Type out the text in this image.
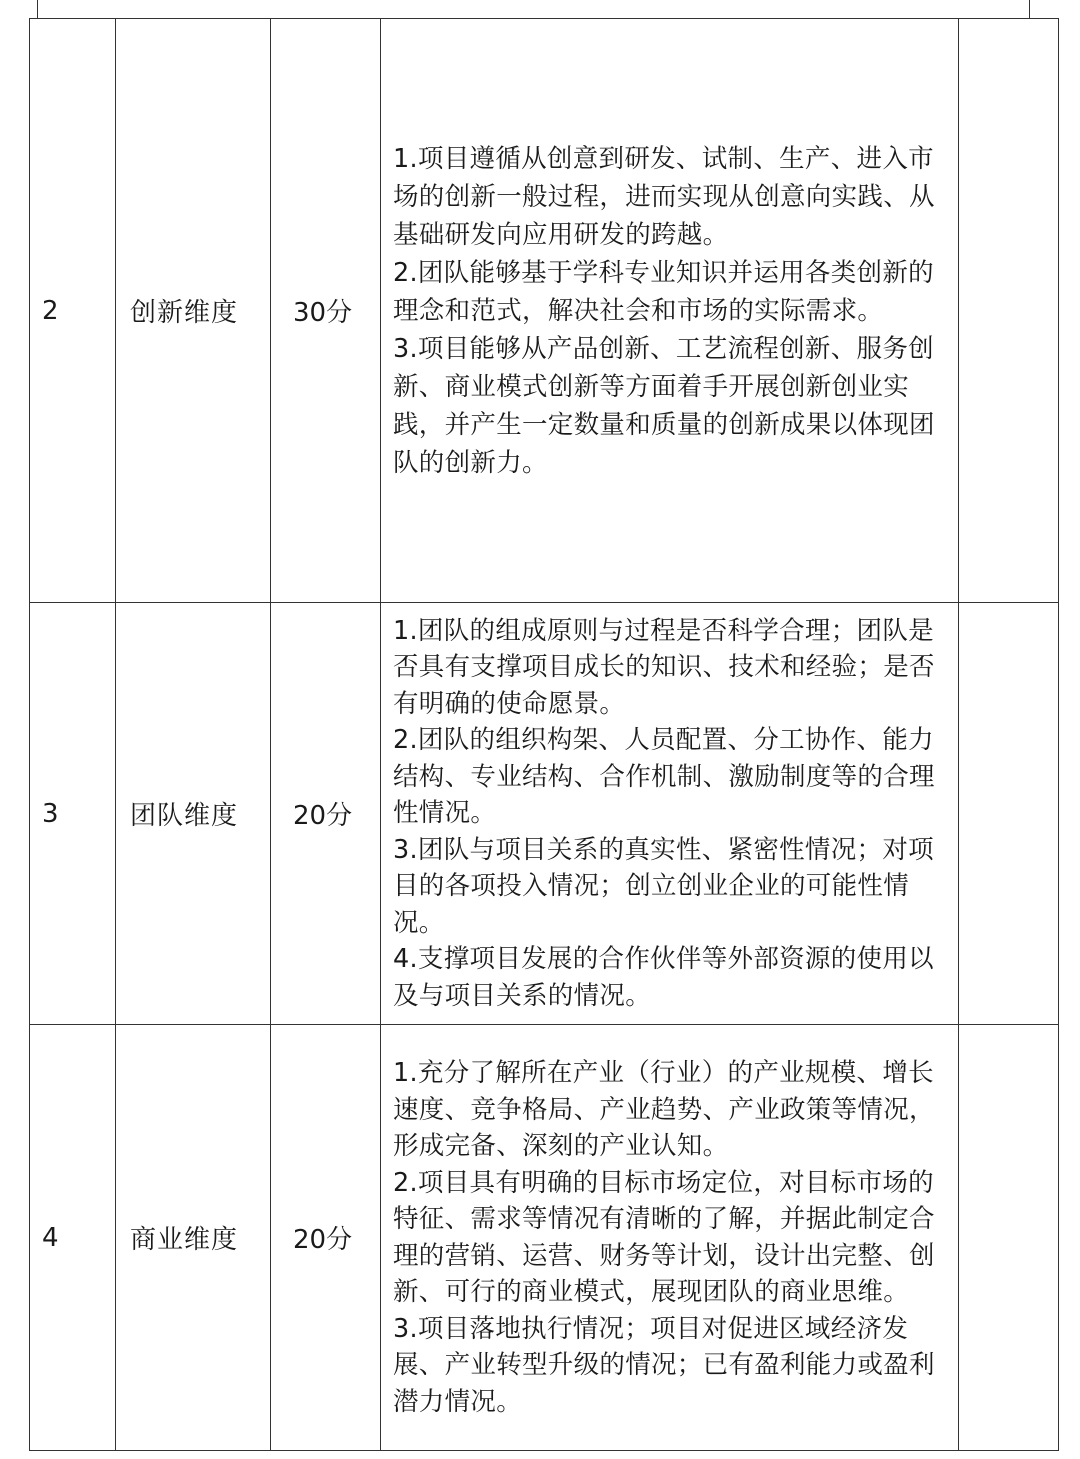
2	创新维度	30分	1.项目遵循从创意到研发、试制、生产、进入市场的创新一般过程，进而实现从创意向实践、从基础研发向应用研发的跨越。
2.团队能够基于学科专业知识并运用各类创新的理念和范式，解决社会和市场的实际需求。
3.项目能够从产品创新、工艺流程创新、服务创新、商业模式创新等方面着手开展创新创业实践，并产生一定数量和质量的创新成果以体现团队的创新力。	

3	团队维度	20分	1.团队的组成原则与过程是否科学合理；团队是否具有支撑项目成长的知识、技术和经验；是否有明确的使命愿景。
2.团队的组织构架、人员配置、分工协作、能力结构、专业结构、合作机制、激励制度等的合理性情况。
3.团队与项目关系的真实性、紧密性情况；对项目的各项投入情况；创立创业企业的可能性情况。
4.支撑项目发展的合作伙伴等外部资源的使用以及与项目关系的情况。	

4	商业维度	20分	1.充分了解所在产业（行业）的产业规模、增长速度、竞争格局、产业趋势、产业政策等情况，形成完备、深刻的产业认知。
2.项目具有明确的目标市场定位，对目标市场的特征、需求等情况有清晰的了解，并据此制定合理的营销、运营、财务等计划，设计出完整、创新、可行的商业模式，展现团队的商业思维。
3.项目落地执行情况；项目对促进区域经济发展、产业转型升级的情况；已有盈利能力或盈利潜力情况。	
